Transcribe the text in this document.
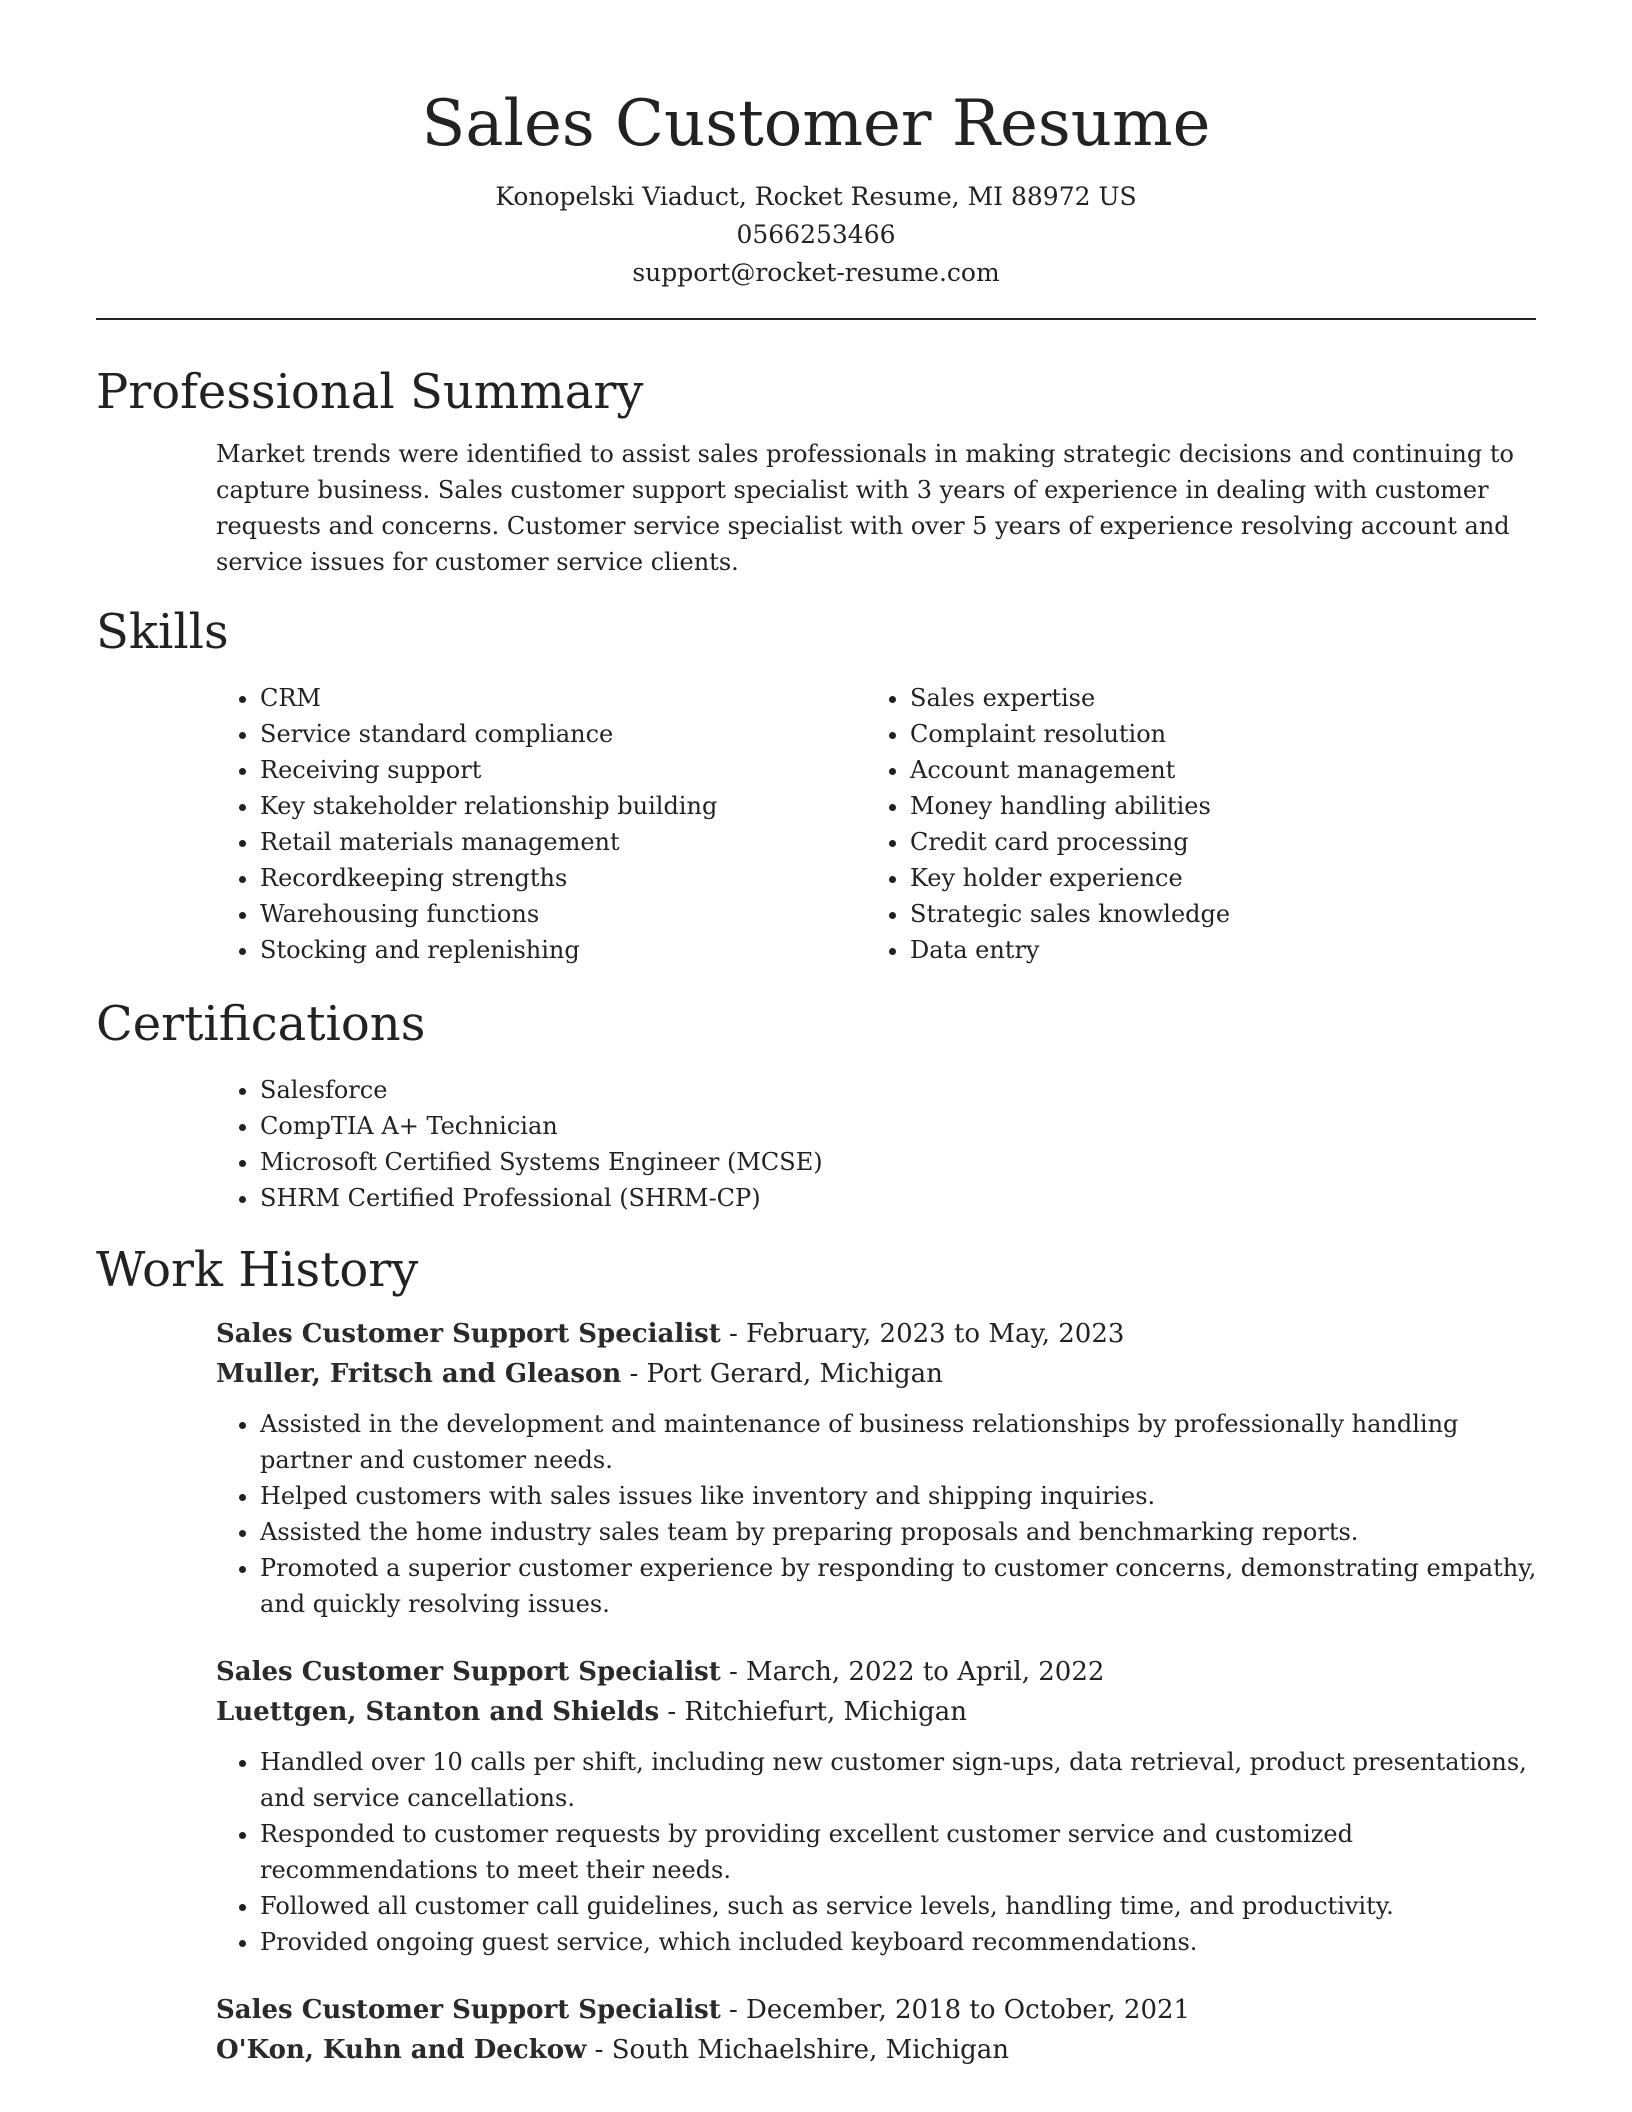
Sales Customer Resume
Konopelski Viaduct, Rocket Resume, MI 88972 US
0566253466
support@rocket-resume.com
Professional Summary

Market trends were identified to assist sales professionals in making strategic decisions and continuing to capture business. Sales customer support specialist with 3 years of experience in dealing with customer requests and concerns. Customer service specialist with over 5 years of experience resolving account and service issues for customer service clients.

Skills
• CRM
• Service standard compliance
• Receiving support
• Key stakeholder relationship building
• Retail materials management
• Recordkeeping strengths
• Warehousing functions
• Stocking and replenishing
• Sales expertise
• Complaint resolution
• Account management
• Money handling abilities
• Credit card processing
• Key holder experience
• Strategic sales knowledge
• Data entry
Certifications
• Salesforce
• CompTIA A+ Technician
• Microsoft Certified Systems Engineer (MCSE)
• SHRM Certified Professional (SHRM-CP)
Work History
Sales Customer Support Specialist - February, 2023 to May, 2023
Muller, Fritsch and Gleason - Port Gerard, Michigan
• Assisted in the development and maintenance of business relationships by professionally handling partner and customer needs.
• Helped customers with sales issues like inventory and shipping inquiries.
• Assisted the home industry sales team by preparing proposals and benchmarking reports.
• Promoted a superior customer experience by responding to customer concerns, demonstrating empathy, and quickly resolving issues.
Sales Customer Support Specialist - March, 2022 to April, 2022
Luettgen, Stanton and Shields - Ritchiefurt, Michigan
• Handled over 10 calls per shift, including new customer sign-ups, data retrieval, product presentations, and service cancellations.
• Responded to customer requests by providing excellent customer service and customized recommendations to meet their needs.
• Followed all customer call guidelines, such as service levels, handling time, and productivity.
• Provided ongoing guest service, which included keyboard recommendations.
Sales Customer Support Specialist - December, 2018 to October, 2021
O'Kon, Kuhn and Deckow - South Michaelshire, Michigan
